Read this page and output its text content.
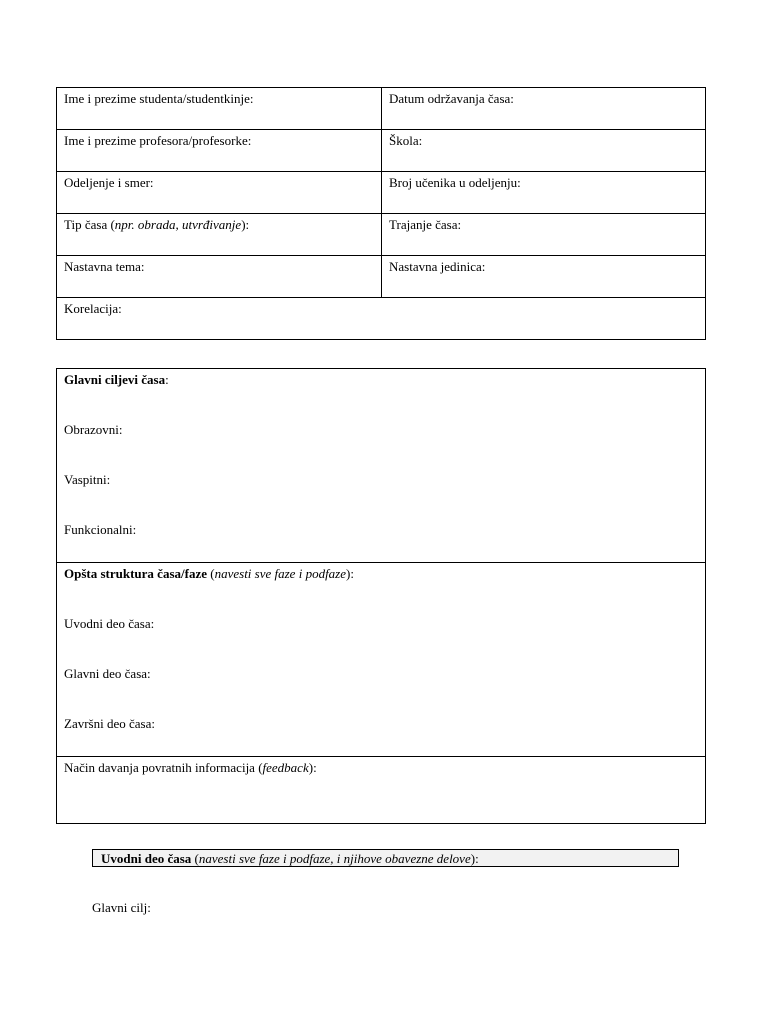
Ime i prezime studenta/studentkinje:	Datum održavanja časa:
Ime i prezime profesora/profesorke:	Škola:
Odeljenje i smer:	Broj učenika u odeljenju:
Tip časa (npr. obrada, utvrđivanje):	Trajanje časa:
Nastavna tema:	Nastavna jedinica:
Korelacija:	
Glavni ciljevi časa:
Obrazovni:
Vaspitni:
Funkcionalni:
Opšta struktura časa/faze (navesti sve faze i podfaze):
Uvodni deo časa:
Glavni deo časa:
Završni deo časa:
Način davanja povratnih informacija (feedback):
Uvodni deo časa (navesti sve faze i podfaze, i njihove obavezne delove):
Glavni cilj:
